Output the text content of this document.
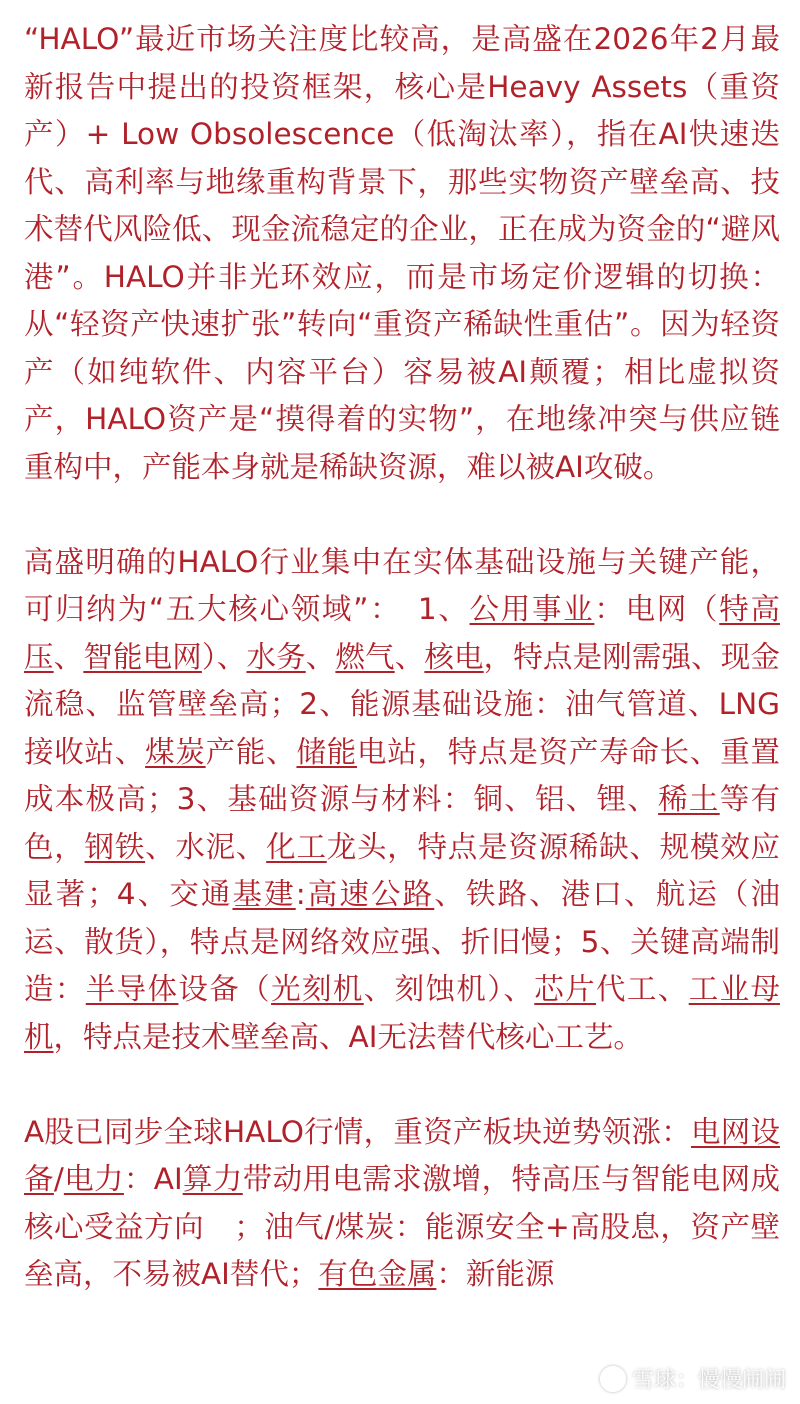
“HALO”最近市场关注度比较高，是高盛在2026年2月最新报告中提出的投资框架，核心是Heavy Assets（重资产）+ Low Obsolescence（低淘汰率），指在AI快速迭代、高利率与地缘重构背景下，那些实物资产壁垒高、技术替代风险低、现金流稳定的企业，正在成为资金的“避风港”。HALO并非光环效应，而是市场定价逻辑的切换：从“轻资产快速扩张”转向“重资产稀缺性重估”。因为轻资产（如纯软件、内容平台）容易被AI颠覆；相比虚拟资产，HALO资产是“摸得着的实物”，在地缘冲突与供应链重构中，产能本身就是稀缺资源，难以被AI攻破。

高盛明确的HALO行业集中在实体基础设施与关键产能，可归纳为“五大核心领域”：　1、公用事业：电网（特高压、智能电网）、水务、燃气、核电，特点是刚需强、现金流稳、监管壁垒高；2、能源基础设施：油气管道、LNG接收站、煤炭产能、储能电站，特点是资产寿命长、重置成本极高；3、基础资源与材料：铜、铝、锂、稀土等有色，钢铁、水泥、化工龙头，特点是资源稀缺、规模效应显著；4、交通基建:高速公路、铁路、港口、航运（油运、散货），特点是网络效应强、折旧慢；5、关键高端制造：半导体设备（光刻机、刻蚀机）、芯片代工、工业母机，特点是技术壁垒高、AI无法替代核心工艺。

A股已同步全球HALO行情，重资产板块逆势领涨：电网设备/电力：AI算力带动用电需求激增，特高压与智能电网成核心受益方向　；油气/煤炭：能源安全+高股息，资产壁垒高，不易被AI替代；有色金属：新能源

雪球：慢慢闹闹
